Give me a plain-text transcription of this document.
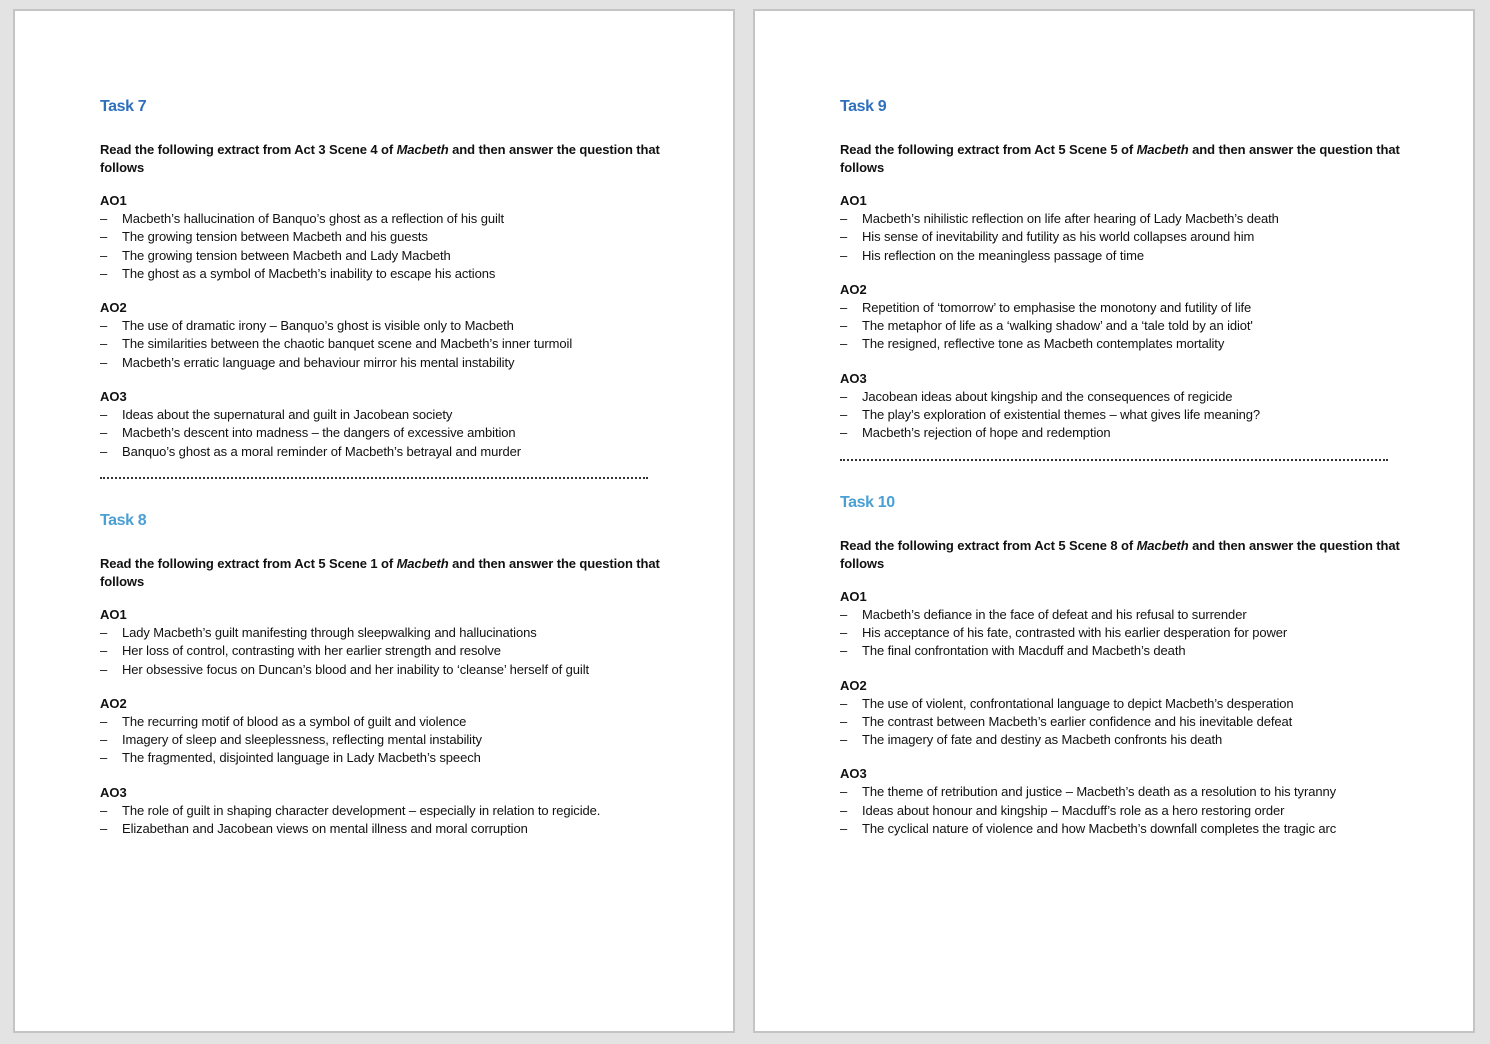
Task 7

Read the following extract from Act 3 Scene 4 of Macbeth and then answer the question that follows

AO1
– Macbeth’s hallucination of Banquo’s ghost as a reflection of his guilt
– The growing tension between Macbeth and his guests
– The growing tension between Macbeth and Lady Macbeth
– The ghost as a symbol of Macbeth’s inability to escape his actions
AO2
– The use of dramatic irony – Banquo’s ghost is visible only to Macbeth
– The similarities between the chaotic banquet scene and Macbeth’s inner turmoil
– Macbeth’s erratic language and behaviour mirror his mental instability
AO3
– Ideas about the supernatural and guilt in Jacobean society
– Macbeth’s descent into madness – the dangers of excessive ambition
– Banquo’s ghost as a moral reminder of Macbeth’s betrayal and murder
Task 8

Read the following extract from Act 5 Scene 1 of Macbeth and then answer the question that follows

AO1
– Lady Macbeth’s guilt manifesting through sleepwalking and hallucinations
– Her loss of control, contrasting with her earlier strength and resolve
– Her obsessive focus on Duncan’s blood and her inability to ‘cleanse’ herself of guilt
AO2
– The recurring motif of blood as a symbol of guilt and violence
– Imagery of sleep and sleeplessness, reflecting mental instability
– The fragmented, disjointed language in Lady Macbeth’s speech
AO3
– The role of guilt in shaping character development – especially in relation to regicide.
– Elizabethan and Jacobean views on mental illness and moral corruption
Task 9

Read the following extract from Act 5 Scene 5 of Macbeth and then answer the question that follows

AO1
– Macbeth’s nihilistic reflection on life after hearing of Lady Macbeth’s death
– His sense of inevitability and futility as his world collapses around him
– His reflection on the meaningless passage of time
AO2
– Repetition of ‘tomorrow’ to emphasise the monotony and futility of life
– The metaphor of life as a ‘walking shadow’ and a ‘tale told by an idiot'
– The resigned, reflective tone as Macbeth contemplates mortality
AO3
– Jacobean ideas about kingship and the consequences of regicide
– The play’s exploration of existential themes – what gives life meaning?
– Macbeth’s rejection of hope and redemption
Task 10

Read the following extract from Act 5 Scene 8 of Macbeth and then answer the question that follows

AO1
– Macbeth’s defiance in the face of defeat and his refusal to surrender
– His acceptance of his fate, contrasted with his earlier desperation for power
– The final confrontation with Macduff and Macbeth’s death
AO2
– The use of violent, confrontational language to depict Macbeth’s desperation
– The contrast between Macbeth’s earlier confidence and his inevitable defeat
– The imagery of fate and destiny as Macbeth confronts his death
AO3
– The theme of retribution and justice – Macbeth’s death as a resolution to his tyranny
– Ideas about honour and kingship – Macduff’s role as a hero restoring order
– The cyclical nature of violence and how Macbeth’s downfall completes the tragic arc
